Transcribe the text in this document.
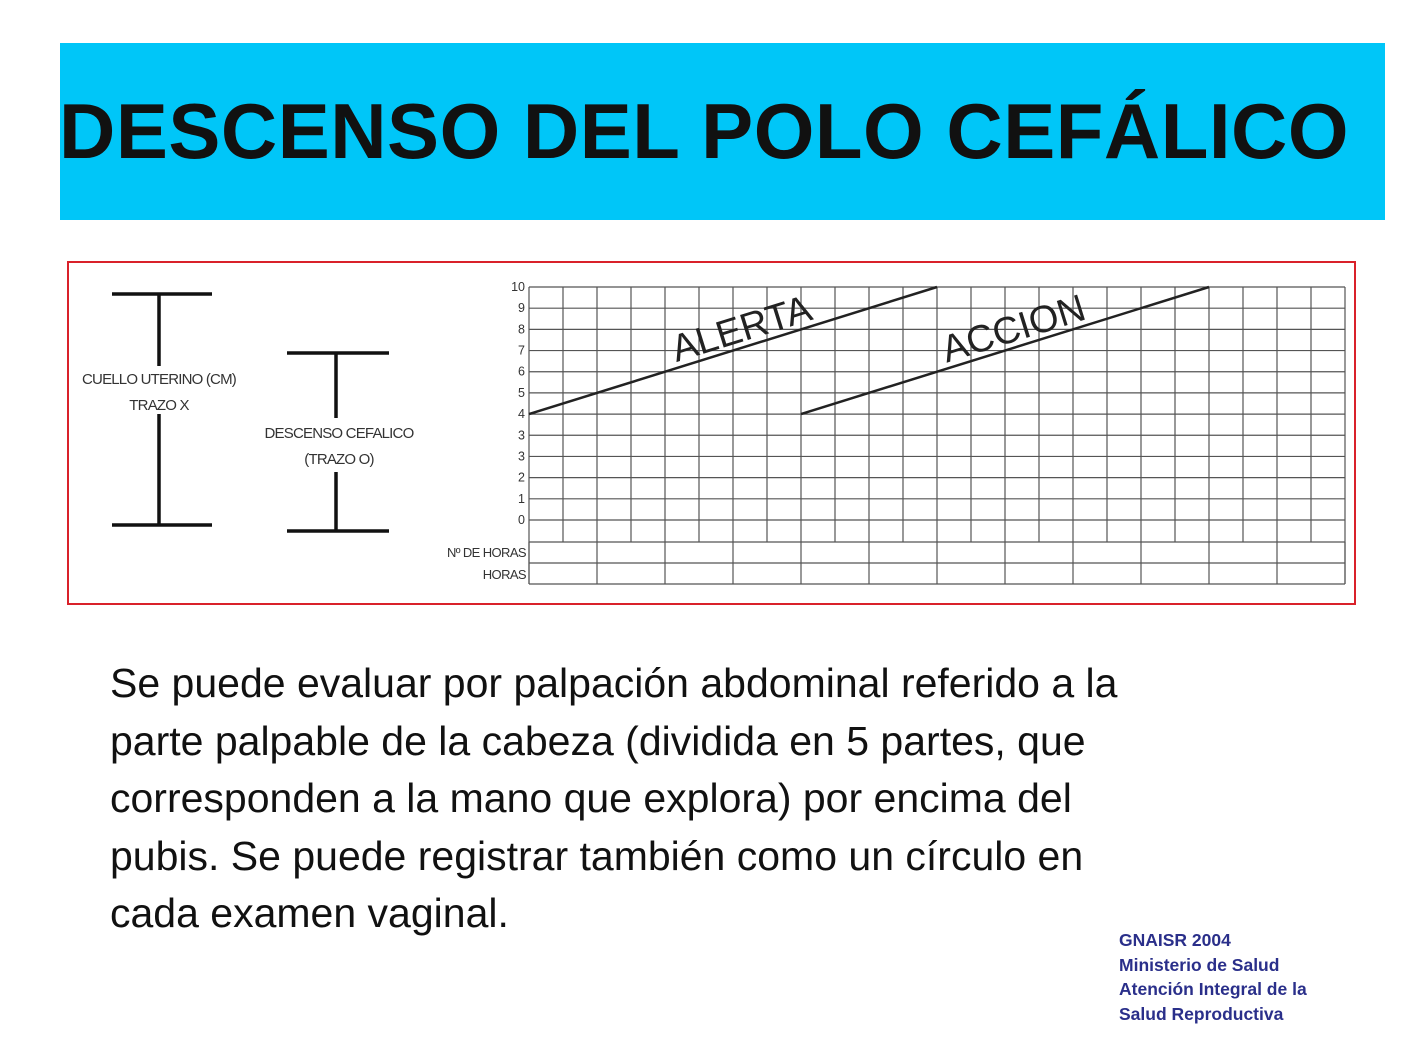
DESCENSO DEL POLO CEFÁLICO
CUELLO UTERINO (CM)
TRAZO X
DESCENSO CEFALICO
(TRAZO O)
Nº DE HORAS
HORAS
10
9
8
7
6
5
4
3
3
2
1
0
ALERTA	ACCION
Se puede evaluar por palpación abdominal referido a la
parte palpable de la cabeza (dividida en 5 partes, que
corresponden a la mano que explora) por encima del
pubis. Se puede registrar también como un círculo en
cada examen vaginal.
GNAISR 2004
Ministerio de Salud
Atención Integral de la
Salud Reproductiva
